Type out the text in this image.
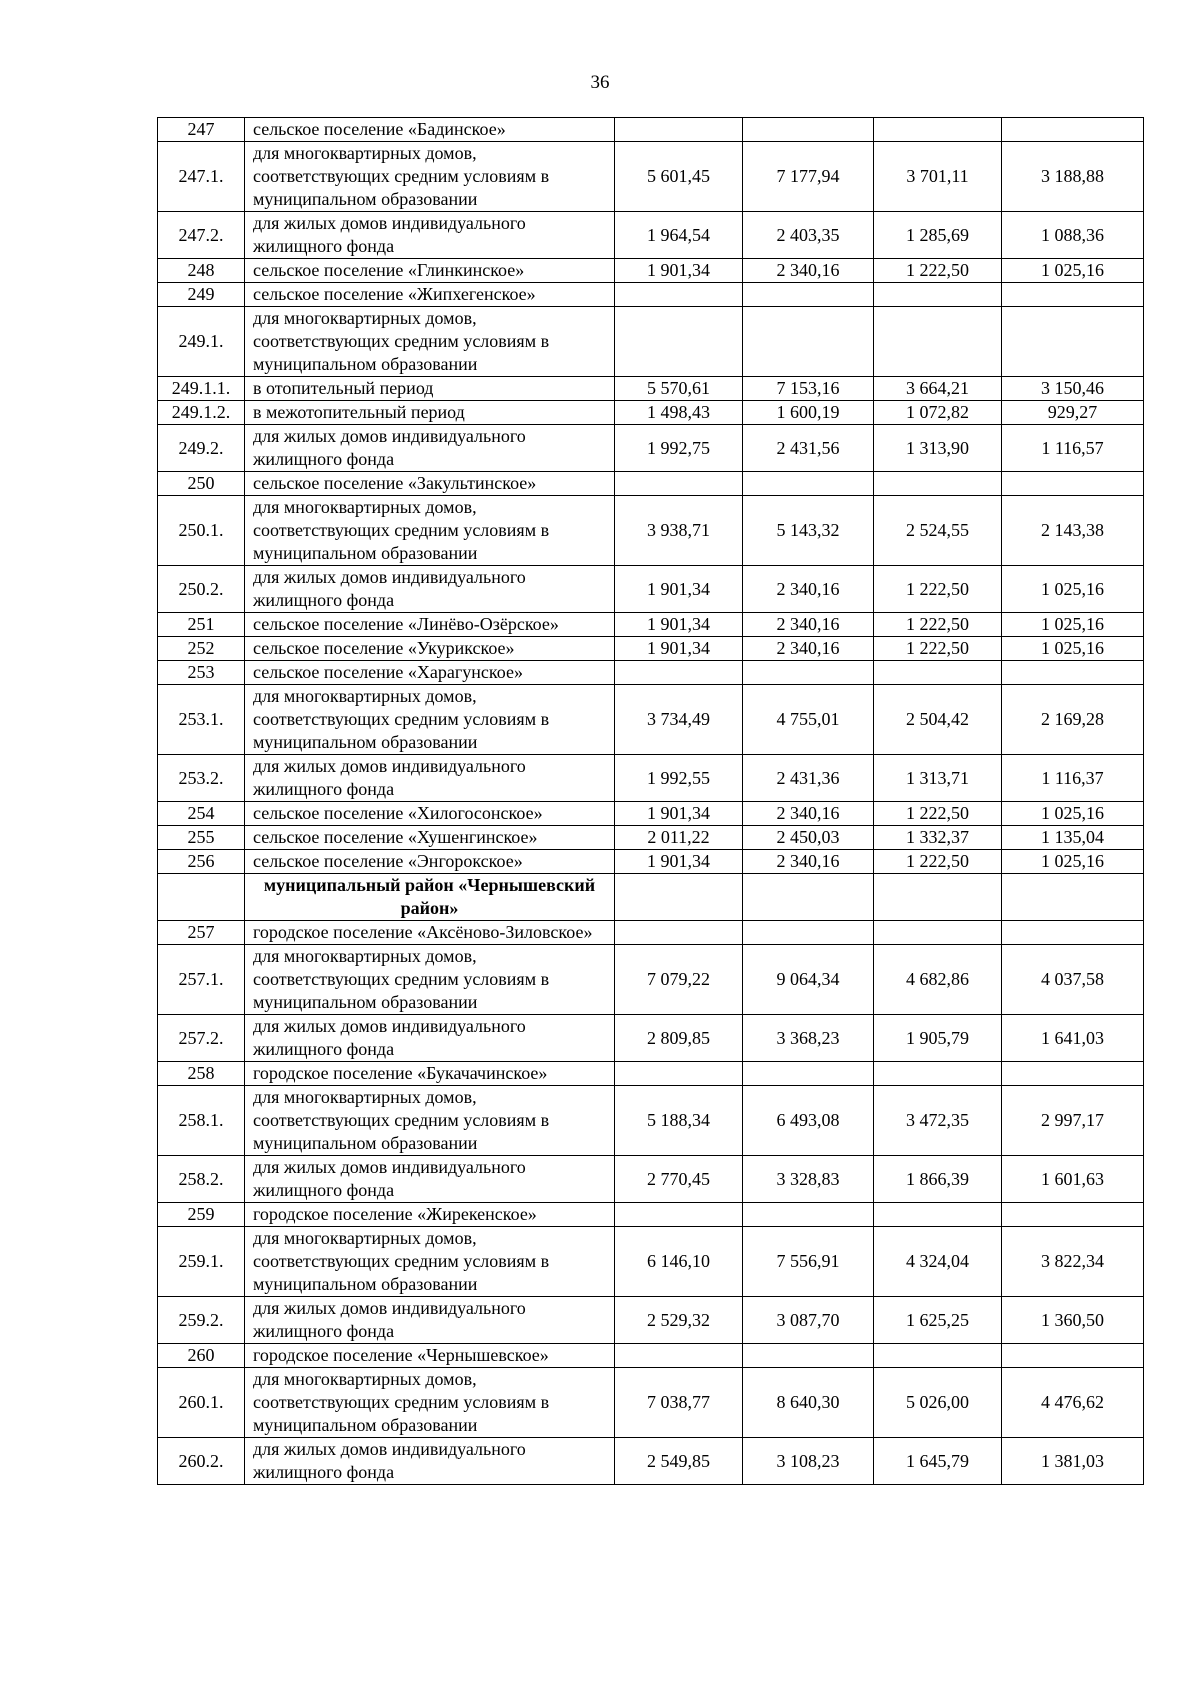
36
247	сельское поселение «Бадинское»				
247.1.	для многоквартирных домов, соответствующих средним условиям в муниципальном образовании	5 601,45	7 177,94	3 701,11	3 188,88
247.2.	для жилых домов индивидуального жилищного фонда	1 964,54	2 403,35	1 285,69	1 088,36
248	сельское поселение «Глинкинское»	1 901,34	2 340,16	1 222,50	1 025,16
249	сельское поселение «Жипхегенское»				
249.1.	для многоквартирных домов, соответствующих средним условиям в муниципальном образовании				
249.1.1.	в отопительный период	5 570,61	7 153,16	3 664,21	3 150,46
249.1.2.	в межотопительный период	1 498,43	1 600,19	1 072,82	929,27
249.2.	для жилых домов индивидуального жилищного фонда	1 992,75	2 431,56	1 313,90	1 116,57
250	сельское поселение «Закультинское»				
250.1.	для многоквартирных домов, соответствующих средним условиям в муниципальном образовании	3 938,71	5 143,32	2 524,55	2 143,38
250.2.	для жилых домов индивидуального жилищного фонда	1 901,34	2 340,16	1 222,50	1 025,16
251	сельское поселение «Линёво-Озёрское»	1 901,34	2 340,16	1 222,50	1 025,16
252	сельское поселение «Укурикское»	1 901,34	2 340,16	1 222,50	1 025,16
253	сельское поселение «Харагунское»				
253.1.	для многоквартирных домов, соответствующих средним условиям в муниципальном образовании	3 734,49	4 755,01	2 504,42	2 169,28
253.2.	для жилых домов индивидуального жилищного фонда	1 992,55	2 431,36	1 313,71	1 116,37
254	сельское поселение «Хилогосонское»	1 901,34	2 340,16	1 222,50	1 025,16
255	сельское поселение «Хушенгинское»	2 011,22	2 450,03	1 332,37	1 135,04
256	сельское поселение «Энгорокское»	1 901,34	2 340,16	1 222,50	1 025,16
	муниципальный район «Чернышевский район»				
257	городское поселение «Аксёново-Зиловское»				
257.1.	для многоквартирных домов, соответствующих средним условиям в муниципальном образовании	7 079,22	9 064,34	4 682,86	4 037,58
257.2.	для жилых домов индивидуального жилищного фонда	2 809,85	3 368,23	1 905,79	1 641,03
258	городское поселение «Букачачинское»				
258.1.	для многоквартирных домов, соответствующих средним условиям в муниципальном образовании	5 188,34	6 493,08	3 472,35	2 997,17
258.2.	для жилых домов индивидуального жилищного фонда	2 770,45	3 328,83	1 866,39	1 601,63
259	городское поселение «Жирекенское»				
259.1.	для многоквартирных домов, соответствующих средним условиям в муниципальном образовании	6 146,10	7 556,91	4 324,04	3 822,34
259.2.	для жилых домов индивидуального жилищного фонда	2 529,32	3 087,70	1 625,25	1 360,50
260	городское поселение «Чернышевское»				
260.1.	для многоквартирных домов, соответствующих средним условиям в муниципальном образовании	7 038,77	8 640,30	5 026,00	4 476,62
260.2.	для жилых домов индивидуального жилищного фонда	2 549,85	3 108,23	1 645,79	1 381,03
